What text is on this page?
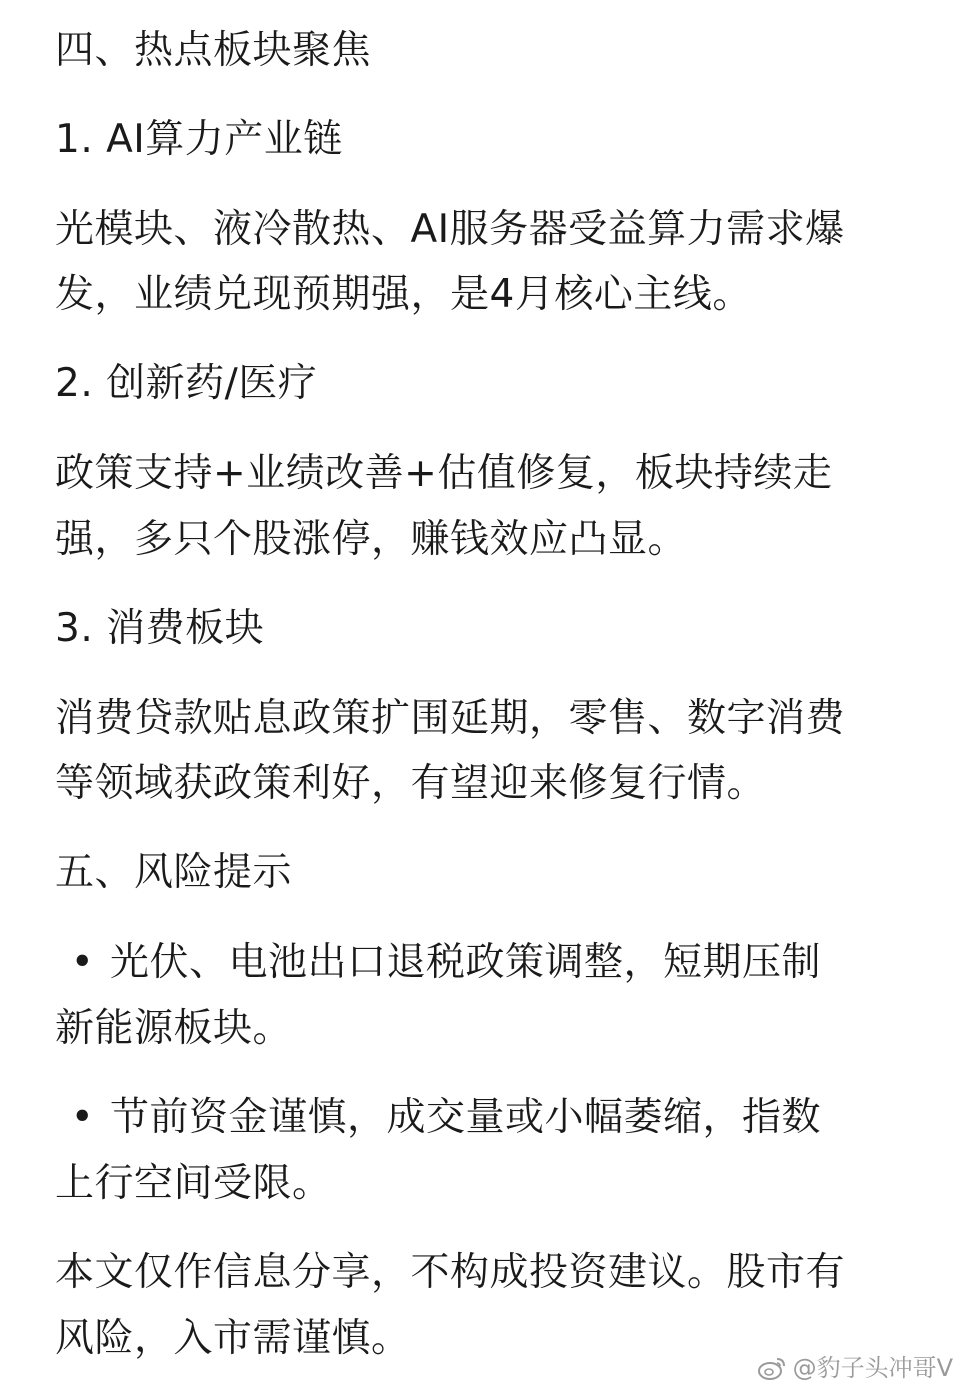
四、热点板块聚焦
1. AI算力产业链
光模块、液冷散热、AI服务器受益算力需求爆
发，业绩兑现预期强，是4月核心主线。
2. 创新药/医疗
政策支持+业绩改善+估值修复，板块持续走
强，多只个股涨停，赚钱效应凸显。
3. 消费板块
消费贷款贴息政策扩围延期，零售、数字消费
等领域获政策利好，有望迎来修复行情。
五、风险提示
• 光伏、电池出口退税政策调整，短期压制
新能源板块。
• 节前资金谨慎，成交量或小幅萎缩，指数
上行空间受限。
本文仅作信息分享，不构成投资建议。股市有
风险，入市需谨慎。
@豹子头冲哥V
